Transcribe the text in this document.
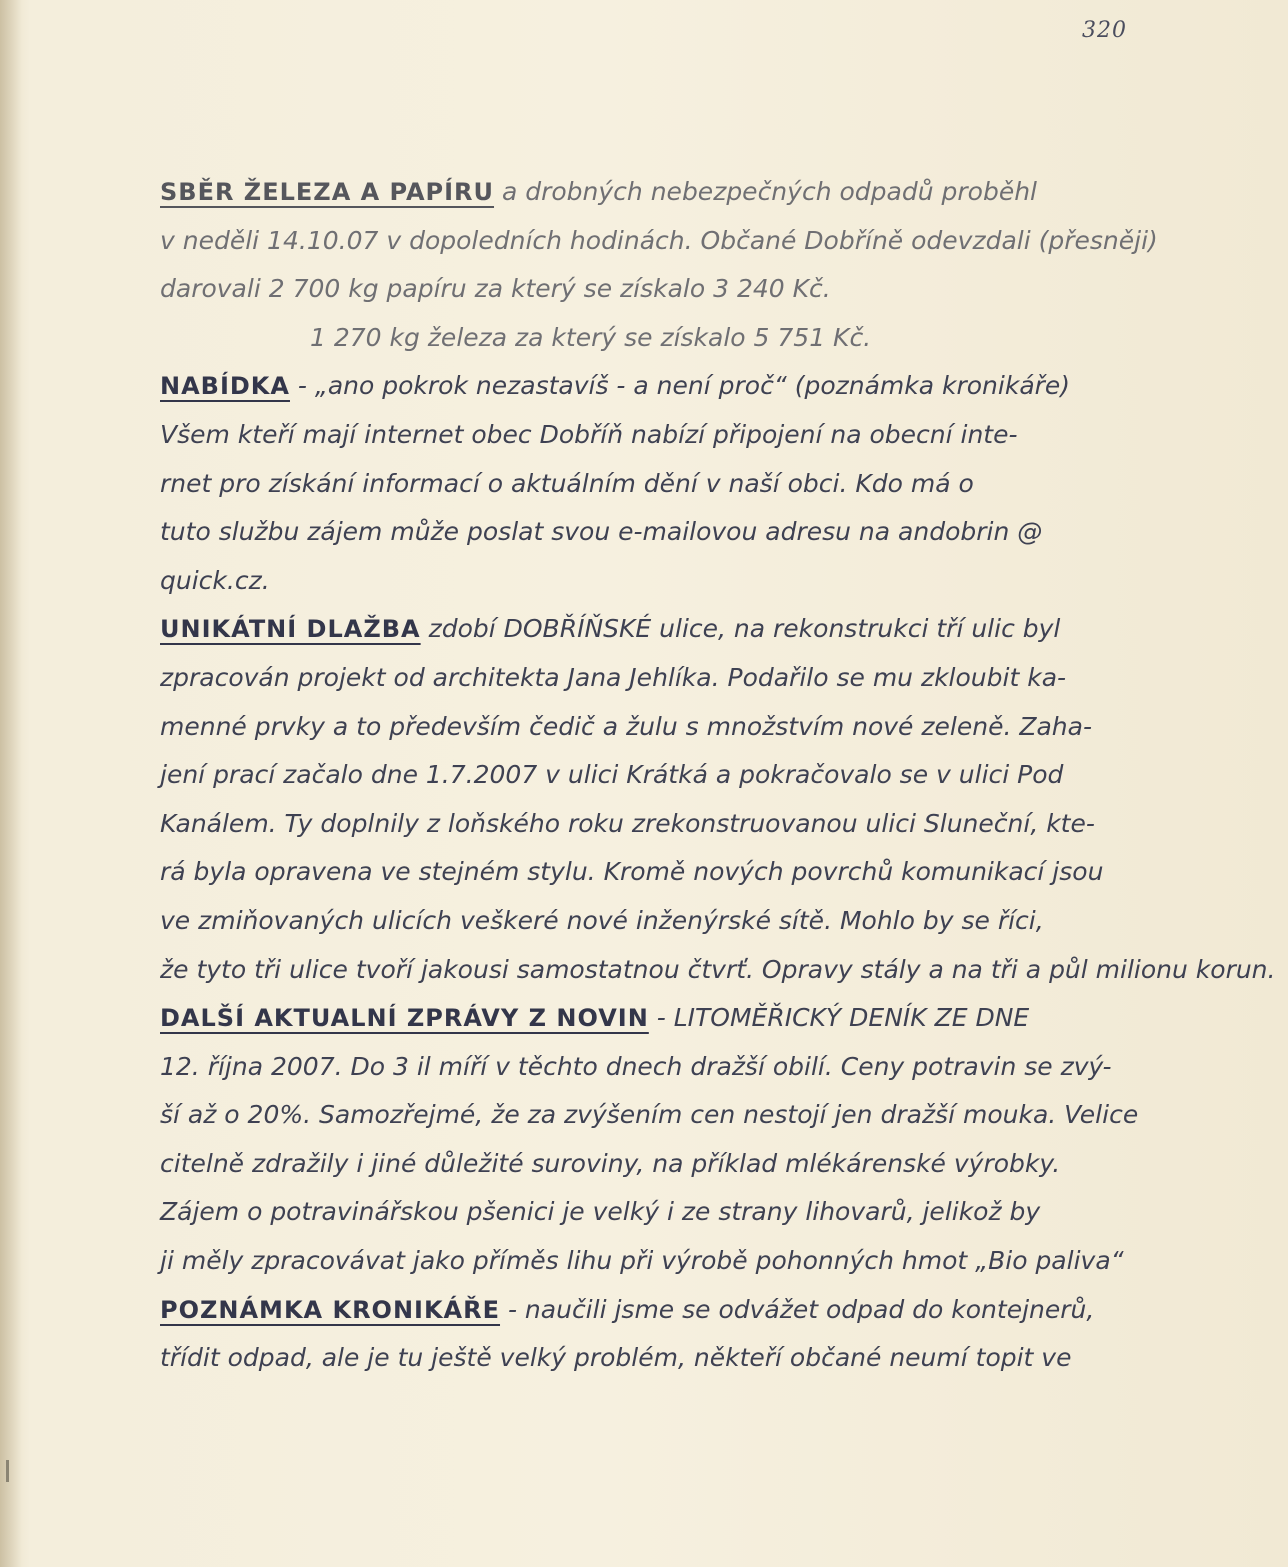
320
SBĚR ŽELEZA A PAPÍRU a drobných nebezpečných odpadů proběhl
v neděli 14.10.07 v dopoledních hodinách. Občané Dobříně odevzdali (přesněji)
darovali 2 700 kg papíru za který se získalo 3 240 Kč.
1 270 kg železa za který se získalo 5 751 Kč.
NABÍDKA - „ano pokrok nezastavíš - a není proč“ (poznámka kronikáře)
Všem kteří mají internet obec Dobříň nabízí připojení na obecní inte-
rnet pro získání informací o aktuálním dění v naší obci. Kdo má o
tuto službu zájem může poslat svou e-mailovou adresu na andobrin @
quick.cz.
UNIKÁTNÍ DLAŽBA zdobí DOBŘÍŇSKÉ ulice, na rekonstrukci tří ulic byl
zpracován projekt od architekta Jana Jehlíka. Podařilo se mu zkloubit ka-
menné prvky a to především čedič a žulu s množstvím nové zeleně. Zaha-
jení prací začalo dne 1.7.2007 v ulici Krátká a pokračovalo se v ulici Pod
Kanálem. Ty doplnily z loňského roku zrekonstruovanou ulici Sluneční, kte-
rá byla opravena ve stejném stylu. Kromě nových povrchů komunikací jsou
ve zmiňovaných ulicích veškeré nové inženýrské sítě. Mohlo by se říci,
že tyto tři ulice tvoří jakousi samostatnou čtvrť. Opravy stály a na tři a půl milionu korun.
DALŠÍ AKTUALNÍ ZPRÁVY Z NOVIN - LITOMĚŘICKÝ DENÍK ZE DNE
12. října 2007. Do 3 il míří v těchto dnech dražší obilí. Ceny potravin se zvý-
ší až o 20%. Samozřejmé, že za zvýšením cen nestojí jen dražší mouka. Velice
citelně zdražily i jiné důležité suroviny, na příklad mlékárenské výrobky.
Zájem o potravinářskou pšenici je velký i ze strany lihovarů, jelikož by
ji měly zpracovávat jako příměs lihu při výrobě pohonných hmot „Bio paliva“
POZNÁMKA KRONIKÁŘE - naučili jsme se odvážet odpad do kontejnerů,
třídit odpad, ale je tu ještě velký problém, někteří občané neumí topit ve
